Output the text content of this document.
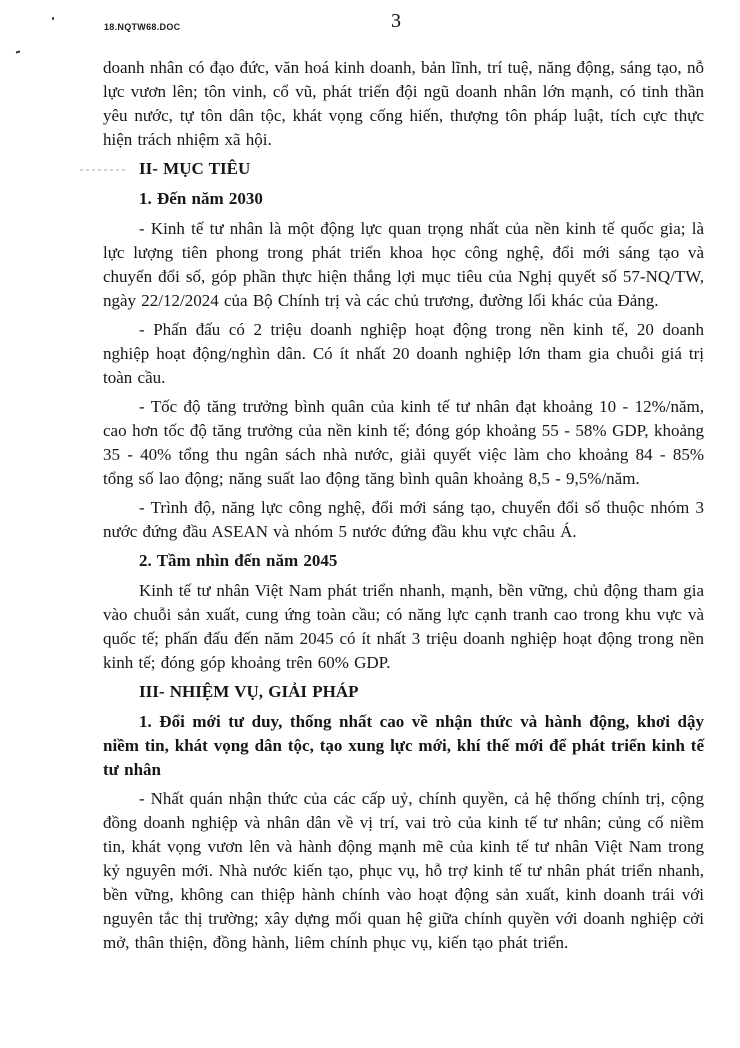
18.NQTW68.DOC	3

doanh nhân có đạo đức, văn hoá kinh doanh, bản lĩnh, trí tuệ, năng động, sáng tạo, nỗ lực vươn lên; tôn vinh, cổ vũ, phát triển đội ngũ doanh nhân lớn mạnh, có tinh thần yêu nước, tự tôn dân tộc, khát vọng cống hiến, thượng tôn pháp luật, tích cực thực hiện trách nhiệm xã hội.

II- MỤC TIÊU

1. Đến năm 2030

- Kinh tế tư nhân là một động lực quan trọng nhất của nền kinh tế quốc gia; là lực lượng tiên phong trong phát triển khoa học công nghệ, đổi mới sáng tạo và chuyển đổi số, góp phần thực hiện thắng lợi mục tiêu của Nghị quyết số 57-NQ/TW, ngày 22/12/2024 của Bộ Chính trị và các chủ trương, đường lối khác của Đảng.

- Phấn đấu có 2 triệu doanh nghiệp hoạt động trong nền kinh tế, 20 doanh nghiệp hoạt động/nghìn dân. Có ít nhất 20 doanh nghiệp lớn tham gia chuỗi giá trị toàn cầu.

- Tốc độ tăng trưởng bình quân của kinh tế tư nhân đạt khoảng 10 - 12%/năm, cao hơn tốc độ tăng trưởng của nền kinh tế; đóng góp khoảng 55 - 58% GDP, khoảng 35 - 40% tổng thu ngân sách nhà nước, giải quyết việc làm cho khoảng 84 - 85% tổng số lao động; năng suất lao động tăng bình quân khoảng 8,5 - 9,5%/năm.

- Trình độ, năng lực công nghệ, đổi mới sáng tạo, chuyển đổi số thuộc nhóm 3 nước đứng đầu ASEAN và nhóm 5 nước đứng đầu khu vực châu Á.

2. Tầm nhìn đến năm 2045

Kinh tế tư nhân Việt Nam phát triển nhanh, mạnh, bền vững, chủ động tham gia vào chuỗi sản xuất, cung ứng toàn cầu; có năng lực cạnh tranh cao trong khu vực và quốc tế; phấn đấu đến năm 2045 có ít nhất 3 triệu doanh nghiệp hoạt động trong nền kinh tế; đóng góp khoảng trên 60% GDP.

III- NHIỆM VỤ, GIẢI PHÁP

1. Đổi mới tư duy, thống nhất cao về nhận thức và hành động, khơi dậy niềm tin, khát vọng dân tộc, tạo xung lực mới, khí thế mới để phát triển kinh tế tư nhân

- Nhất quán nhận thức của các cấp uỷ, chính quyền, cả hệ thống chính trị, cộng đồng doanh nghiệp và nhân dân về vị trí, vai trò của kinh tế tư nhân; củng cố niềm tin, khát vọng vươn lên và hành động mạnh mẽ của kinh tế tư nhân Việt Nam trong kỷ nguyên mới. Nhà nước kiến tạo, phục vụ, hỗ trợ kinh tế tư nhân phát triển nhanh, bền vững, không can thiệp hành chính vào hoạt động sản xuất, kinh doanh trái với nguyên tắc thị trường; xây dựng mối quan hệ giữa chính quyền với doanh nghiệp cởi mở, thân thiện, đồng hành, liêm chính phục vụ, kiến tạo phát triển.
